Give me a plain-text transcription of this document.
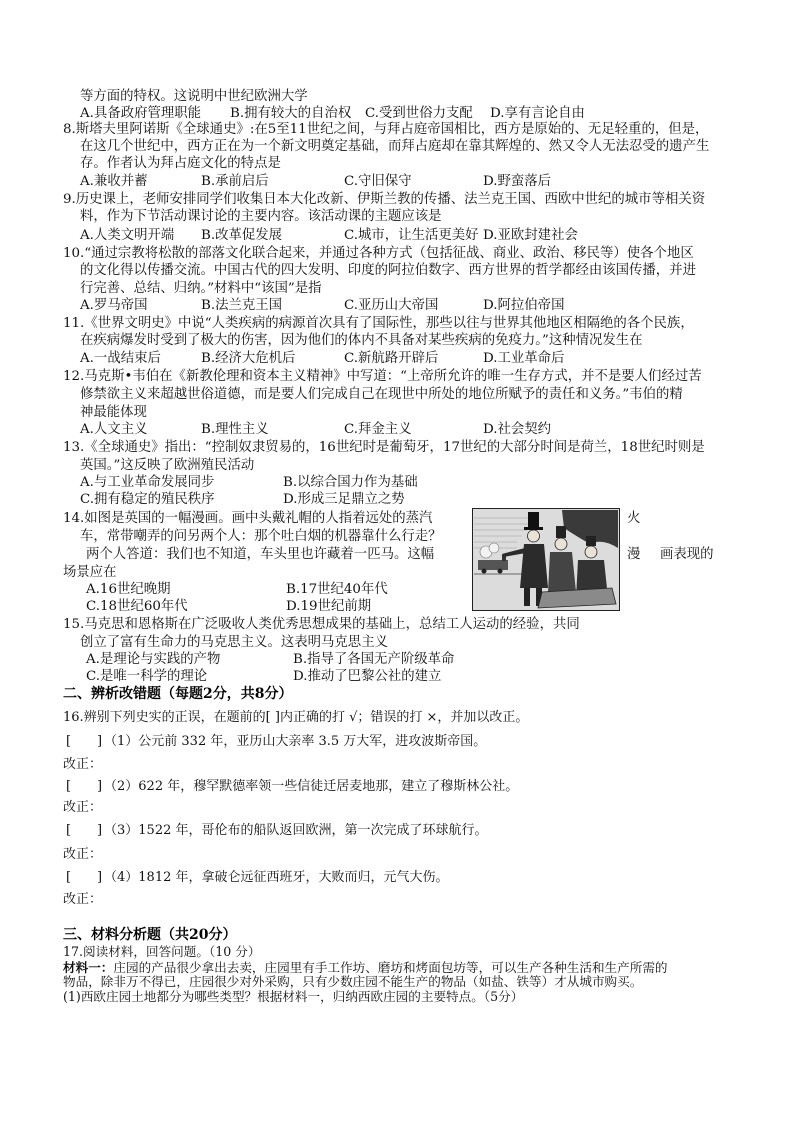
等方面的特权。这说明中世纪欧洲大学
A.具备政府管理职能 B.拥有较大的自治权 C.受到世俗力支配 D.享有言论自由
8.斯塔夫里阿诺斯《全球通史》:在5至11世纪之间，与拜占庭帝国相比，西方是原始的、无足轻重的，但是，
在这几个世纪中，西方正在为一个新文明奠定基础，而拜占庭却在靠其辉煌的、然又令人无法忍受的遗产生
存。作者认为拜占庭文化的特点是
A.兼收并蓄	B.承前启后	C.守旧保守	D.野蛮落后
9.历史课上，老师安排同学们收集日本大化改新、伊斯兰教的传播、法兰克王国、西欧中世纪的城市等相关资
料，作为下节活动课讨论的主要内容。该活动课的主题应该是
A.人类文明开端 B.改革促发展	C.城市，让生活更美好 D.亚欧封建社会
10.“通过宗教将松散的部落文化联合起来，并通过各种方式（包括征战、商业、政治、移民等）使各个地区
的文化得以传播交流。中国古代的四大发明、印度的阿拉伯数字、西方世界的哲学都经由该国传播，并进
行完善、总结、归纳。”材料中“该国”是指
A.罗马帝国	B.法兰克王国	C.亚历山大帝国	D.阿拉伯帝国
11.《世界文明史》中说“人类疾病的病源首次具有了国际性，那些以往与世界其他地区相隔绝的各个民族，
在疾病爆发时受到了极大的伤害，因为他们的体内不具备对某些疾病的免疫力。”这种情况发生在
A.一战结束后	B.经济大危机后	C.新航路开辟后	D.工业革命后
12.马克斯•韦伯在《新教伦理和资本主义精神》中写道：“上帝所允许的唯一生存方式，并不是要人们经过苦
修禁欲主义来超越世俗道德，而是要人们完成自己在现世中所处的地位所赋予的责任和义务。”韦伯的精
神最能体现
A.人文主义	B.理性主义	C.拜金主义	D.社会契约
13.《全球通史》指出：“控制奴隶贸易的，16世纪时是葡萄牙，17世纪的大部分时间是荷兰，18世纪时则是
英国。”这反映了欧洲殖民活动
A.与工业革命发展同步	B.以综合国力作为基础
C.拥有稳定的殖民秩序	D.形成三足鼎立之势
14.如图是英国的一幅漫画。画中头戴礼帽的人指着远处的蒸汽	火
车，常带嘲弄的问另两个人：那个吐白烟的机器靠什么行走？
两个人答道：我们也不知道，车头里也许藏着一匹马。这幅	漫 画表现的
场景应在
A.16世纪晚期	B.17世纪40年代
C.18世纪60年代	D.19世纪前期
15.马克思和恩格斯在广泛吸收人类优秀思想成果的基础上，总结工人运动的经验，共同
创立了富有生命力的马克思主义。这表明马克思主义
A.是理论与实践的产物	B.指导了各国无产阶级革命
C.是唯一科学的理论	D.推动了巴黎公社的建立
二、辨析改错题（每题2分，共8分）
16.辨别下列史实的正误，在题前的[ ]内正确的打 √；错误的打 ×，并加以改正。
[ ] （1）公元前 332 年，亚历山大亲率 3.5 万大军，进攻波斯帝国。
改正：
[ ] （2）622 年，穆罕默德率领一些信徒迁居麦地那，建立了穆斯林公社。
改正：
[ ] （3）1522 年，哥伦布的船队返回欧洲，第一次完成了环球航行。
改正：
[ ] （4）1812 年，拿破仑远征西班牙，大败而归，元气大伤。
改正：
三、材料分析题（共20分）
17.阅读材料，回答问题。（10 分）
材料一：庄园的产品很少拿出去卖，庄园里有手工作坊、磨坊和烤面包坊等，可以生产各种生活和生产所需的
物品，除非万不得已，庄园很少对外采购，只有少数庄园不能生产的物品（如盐、铁等）才从城市购买。
(1)西欧庄园土地都分为哪些类型？根据材料一，归纳西欧庄园的主要特点。（5分）
